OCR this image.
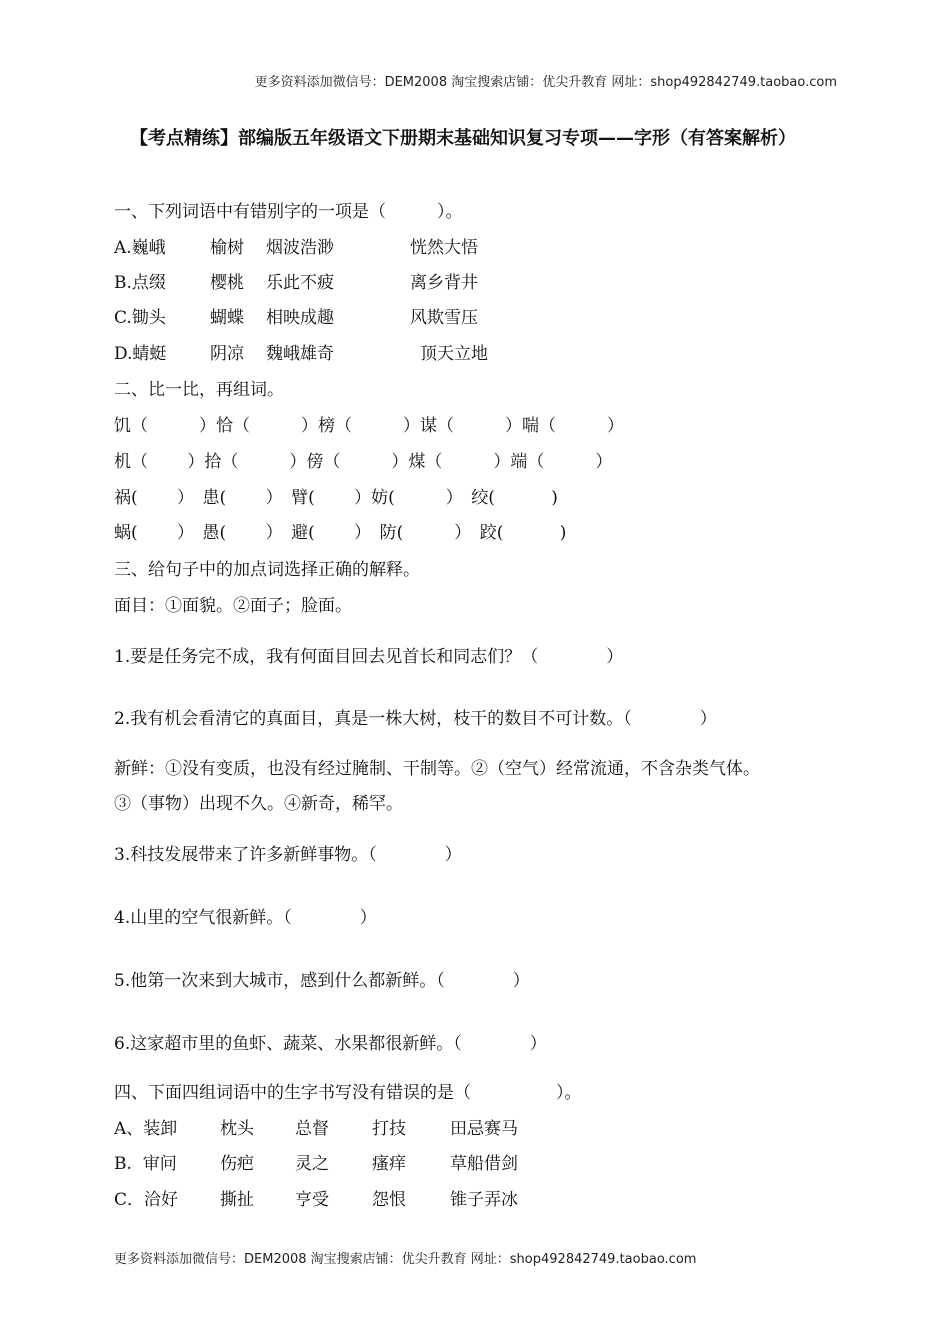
更多资料添加微信号：DEM2008 淘宝搜索店铺：优尖升教育 网址：shop492842749.taobao.com
【考点精练】部编版五年级语文下册期末基础知识复习专项——字形（有答案解析）
一、下列词语中有错别字的一项是（　　　）。
A.巍峨	榆树 烟波浩渺	恍然大悟
B.点缀	樱桃 乐此不疲	离乡背井
C.锄头	蝴蝶 相映成趣	风欺雪压
D.蜻蜓	阴凉 魏峨雄奇	顶天立地
二、比一比，再组词。
饥（　　　）恰（　　　）榜（　　　）谋（　　　）喘（　　　）
机（　　 ）拾（　　　）傍（　　　）煤（　　　）端（　　　）
祸(　　 ）　患(　　 ）　臂(　　 ）妨(　　　）　绞(　　　 )
蜗(　　 ）　愚(　　 ）　避(　　 ）　防(　　　）　跤(　　　 )
三、给句子中的加点词选择正确的解释。
面目：①面貌。②面子；脸面。
1.要是任务完不成，我有何面目回去见首长和同志们？（　　　　）
2.我有机会看清它的真面目，真是一株大树，枝干的数目不可计数。（　　　　）
新鲜：①没有变质，也没有经过腌制、干制等。②（空气）经常流通，不含杂类气体。
③（事物）出现不久。④新奇，稀罕。
3.科技发展带来了许多新鲜事物。（　　　　）
4.山里的空气很新鲜。（　　　　）
5.他第一次来到大城市，感到什么都新鲜。（　　　　）
6.这家超市里的鱼虾、蔬菜、水果都很新鲜。（　　　　）
四、下面四组词语中的生字书写没有错误的是（　　　　　）。
A、装卸	枕头 总督	打技	田忌赛马
B.  审问	伤疤 灵之	瘙痒	草船借剑
C．洽好 撕扯 亨受	怨恨	锥子弄冰
更多资料添加微信号：DEM2008 淘宝搜索店铺：优尖升教育 网址：shop492842749.taobao.com
